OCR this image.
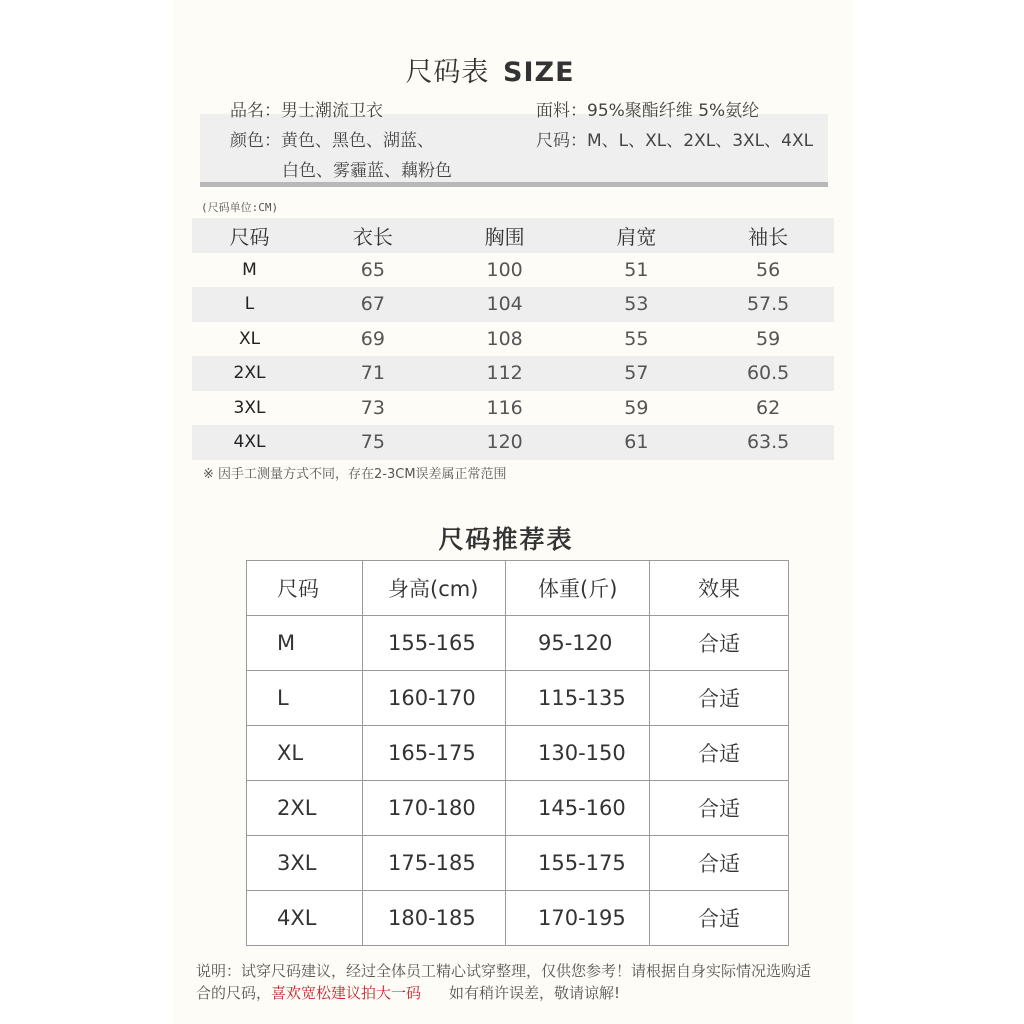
尺码表 SIZE
品名：男士潮流卫衣	面料：95%聚酯纤维 5%氨纶
颜色：黄色、黑色、湖蓝、
白色、雾霾蓝、藕粉色
尺码：M、L、XL、2XL、3XL、4XL
(尺码单位:CM)
尺码	衣长	胸围	肩宽	袖长
M	65	100	51	56
L	67	104	53	57.5
XL	69	108	55	59
2XL	71	112	57	60.5
3XL	73	116	59	62
4XL	75	120	61	63.5
※ 因手工测量方式不同，存在2-3CM误差属正常范围
尺码推荐表
尺码	身高(cm)	体重(斤)	效果
M	155-165	95-120	合适
L	160-170	115-135	合适
XL	165-175	130-150	合适
2XL	170-180	145-160	合适
3XL	175-185	155-175	合适
4XL	180-185	170-195	合适
说明：试穿尺码建议，经过全体员工精心试穿整理，仅供您参考！请根据自身实际情况选购适
合的尺码，喜欢宽松建议拍大一码 如有稍许误差，敬请谅解!
